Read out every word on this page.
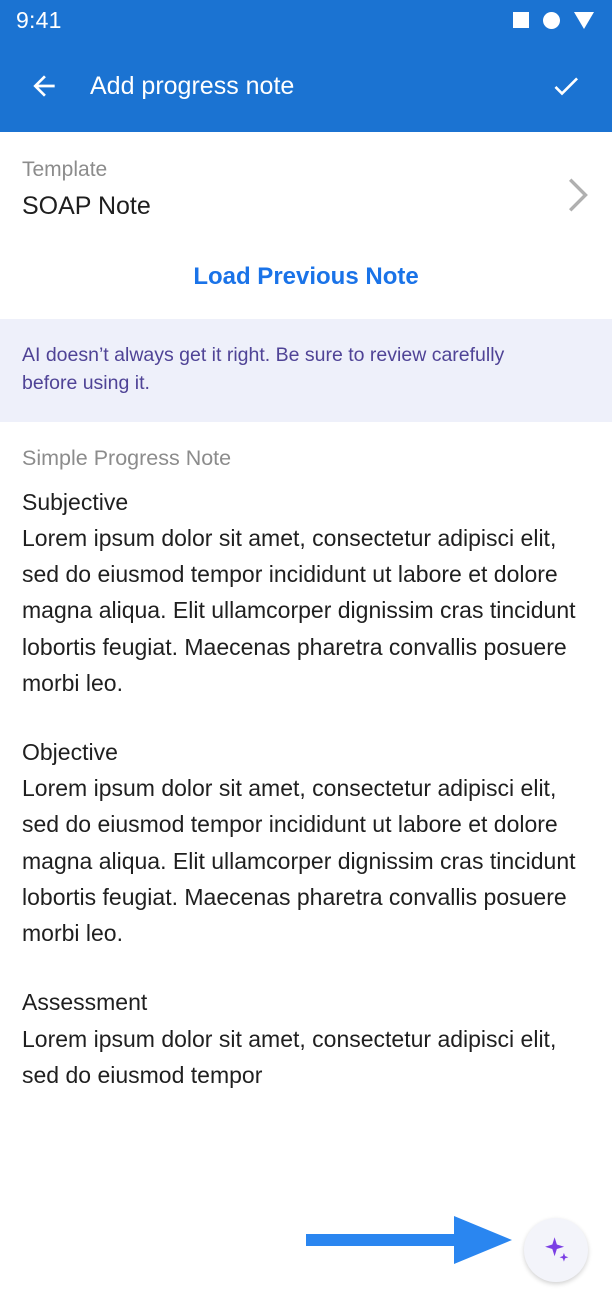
9:41
Add progress note
Template
SOAP Note
Load Previous Note
AI doesn’t always get it right. Be sure to review carefully before using it.
Simple Progress Note
Subjective
Lorem ipsum dolor sit amet, consectetur adipisci elit, sed do eiusmod tempor incididunt ut labore et dolore magna aliqua. Elit ullamcorper dignissim cras tincidunt lobortis feugiat. Maecenas pharetra convallis posuere morbi leo.
Objective
Lorem ipsum dolor sit amet, consectetur adipisci elit, sed do eiusmod tempor incididunt ut labore et dolore magna aliqua. Elit ullamcorper dignissim cras tincidunt lobortis feugiat. Maecenas pharetra convallis posuere morbi leo.
Assessment
Lorem ipsum dolor sit amet, consectetur adipisci elit, sed do eiusmod tempor
